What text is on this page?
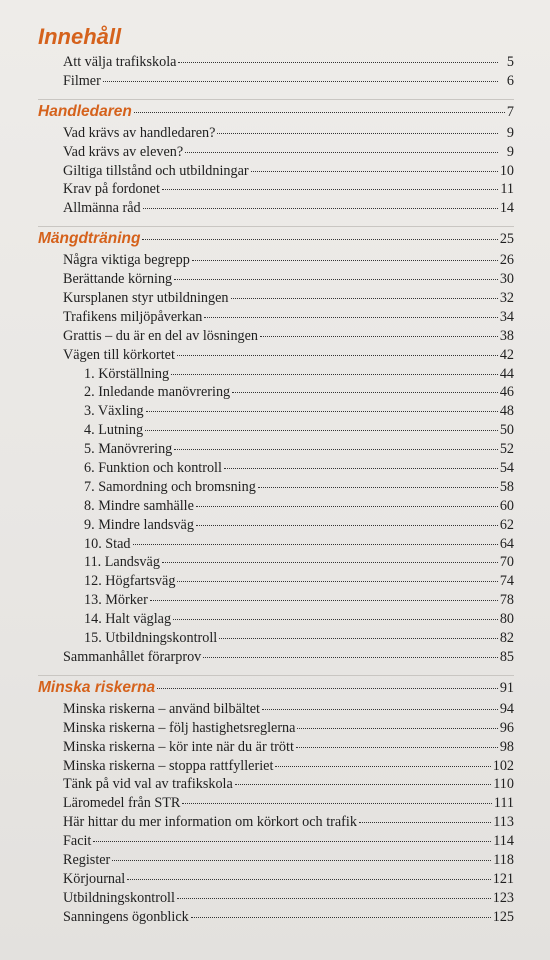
Innehåll
Att välja trafikskola	5
Filmer	6
Handledaren	7
Vad krävs av handledaren?	9
Vad krävs av eleven?	9
Giltiga tillstånd och utbildningar	10
Krav på fordonet	11
Allmänna råd	14
Mängdträning	25
Några viktiga begrepp	26
Berättande körning	30
Kursplanen styr utbildningen	32
Trafikens miljöpåverkan	34
Grattis – du är en del av lösningen	38
Vägen till körkortet	42
1. Körställning	44
2. Inledande manövrering	46
3. Växling	48
4. Lutning	50
5. Manövrering	52
6. Funktion och kontroll	54
7. Samordning och bromsning	58
8. Mindre samhälle	60
9. Mindre landsväg	62
10. Stad	64
11. Landsväg	70
12. Högfartsväg	74
13. Mörker	78
14. Halt väglag	80
15. Utbildningskontroll	82
Sammanhållet förarprov	85
Minska riskerna	91
Minska riskerna – använd bilbältet	94
Minska riskerna – följ hastighetsreglerna	96
Minska riskerna – kör inte när du är trött	98
Minska riskerna – stoppa rattfylleriet	102
Tänk på vid val av trafikskola	110
Läromedel från STR	111
Här hittar du mer information om körkort och trafik	113
Facit	114
Register	118
Körjournal	121
Utbildningskontroll	123
Sanningens ögonblick	125
